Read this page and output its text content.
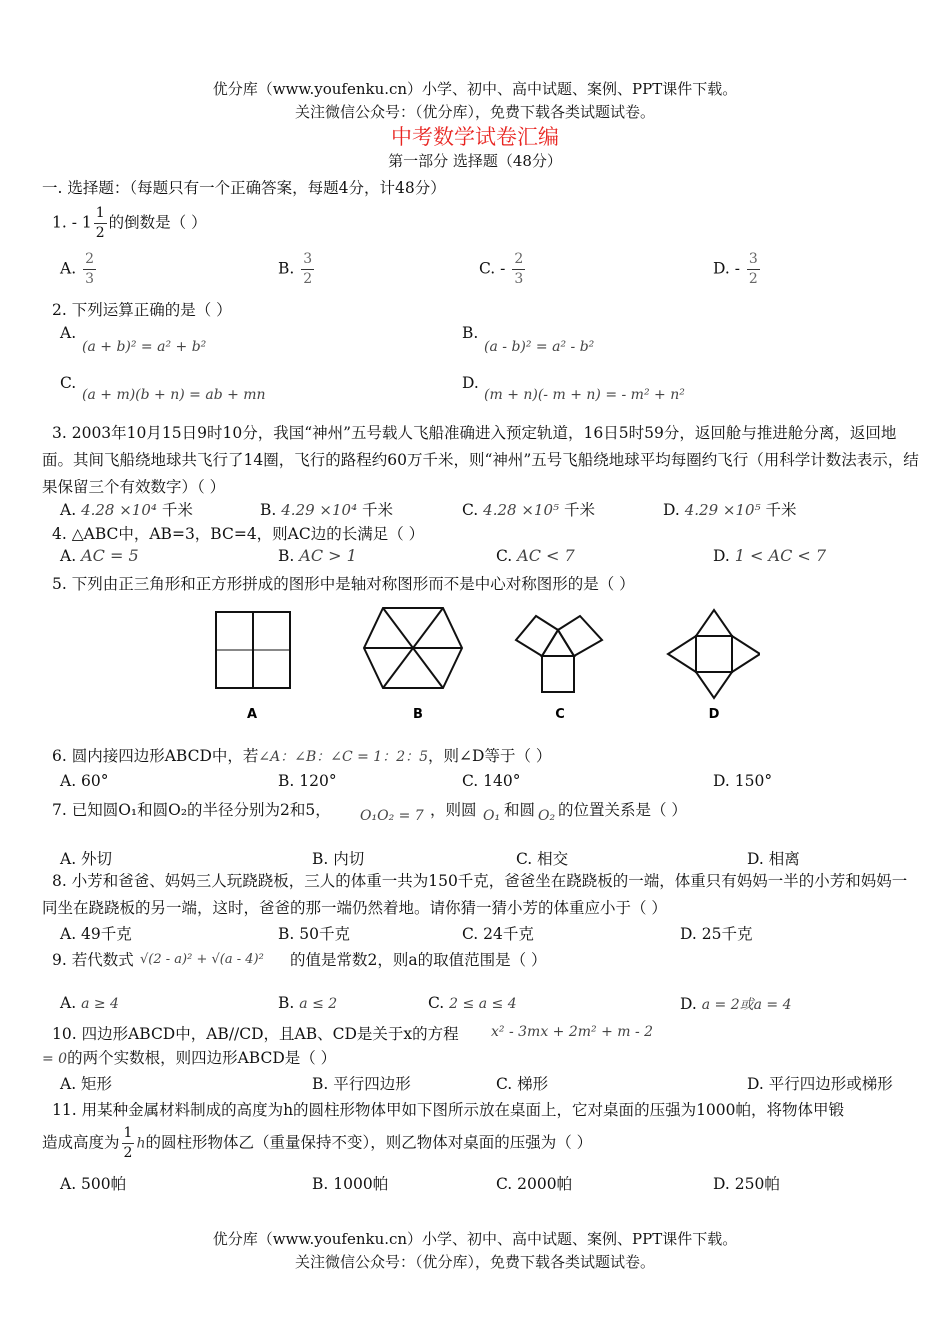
优分库（www.youfenku.cn）小学、初中、高中试题、案例、PPT课件下载。
关注微信公众号：（优分库），免费下载各类试题试卷。
中考数学试卷汇编
第一部分 选择题（48分）
一. 选择题：（每题只有一个正确答案，每题4分，计48分）
1. - $1 \frac{1}{2}$ 的倒数是（ ）
A. $\frac{2}{3}$	B. $\frac{3}{2}$	C. - $\frac{2}{3}$	D. - $\frac{3}{2}$
2. 下列运算正确的是（ ）
A.
(a + b)² = a² + b²
B.
(a - b)² = a² - b²
C.
(a + m)(b + n) = ab + mn
D.
(m + n)(- m + n) = - m² + n²
3. 2003年10月15日9时10分，我国“神州”五号载人飞船准确进入预定轨道，16日5时59分，返回舱与推进舱分离，返回地面。其间飞船绕地球共飞行了14圈，飞行的路程约60万千米，则“神州”五号飞船绕地球平均每圈约飞行（用科学计数法表示，结果保留三个有效数字）（ ）
A. 4.28 ×10⁴ 千米	B. 4.29 ×10⁴ 千米	C. 4.28 ×10⁵ 千米	D. 4.29 ×10⁵ 千米
4. △ABC中，AB=3，BC=4，则AC边的长满足（ ）
A. AC = 5	B. AC > 1	C. AC < 7	D. 1 < AC < 7
5. 下列由正三角形和正方形拼成的图形中是轴对称图形而不是中心对称图形的是（ ）
A	B	C	D
6. 圆内接四边形ABCD中，若∠A：∠B：∠C = 1：2：5，则∠D等于（ ）
A. 60°	B. 120°	C. 140°	D. 150°
7. 已知圆O₁和圆O₂的半径分别为2和5， O₁O₂ = 7 ，则圆 O₁ 和圆 O₂ 的位置关系是（ ）
A. 外切	B. 内切	C. 相交	D. 相离
8. 小芳和爸爸、妈妈三人玩跷跷板，三人的体重一共为150千克，爸爸坐在跷跷板的一端，体重只有妈妈一半的小芳和妈妈一同坐在跷跷板的另一端，这时，爸爸的那一端仍然着地。请你猜一猜小芳的体重应小于（ ）
A. 49千克	B. 50千克	C. 24千克	D. 25千克
9. 若代数式 √(2 - a)² + √(a - 4)² 的值是常数2，则a的取值范围是（ ）
A. a ≥ 4	B. a ≤ 2	C. 2 ≤ a ≤ 4	D. a = 2或a = 4
10. 四边形ABCD中，AB//CD，且AB、CD是关于x的方程 x² - 3mx + 2m² + m - 2
= 0的两个实数根，则四边形ABCD是（ ）
A. 矩形	B. 平行四边形	C. 梯形	D. 平行四边形或梯形
11. 用某种金属材料制成的高度为h的圆柱形物体甲如下图所示放在桌面上，它对桌面的压强为1000帕，将物体甲锻
造成高度为 $\frac{1}{2}$ h的圆柱形物体乙（重量保持不变），则乙物体对桌面的压强为（ ）
A. 500帕	B. 1000帕	C. 2000帕	D. 250帕
优分库（www.youfenku.cn）小学、初中、高中试题、案例、PPT课件下载。
关注微信公众号：（优分库），免费下载各类试题试卷。
